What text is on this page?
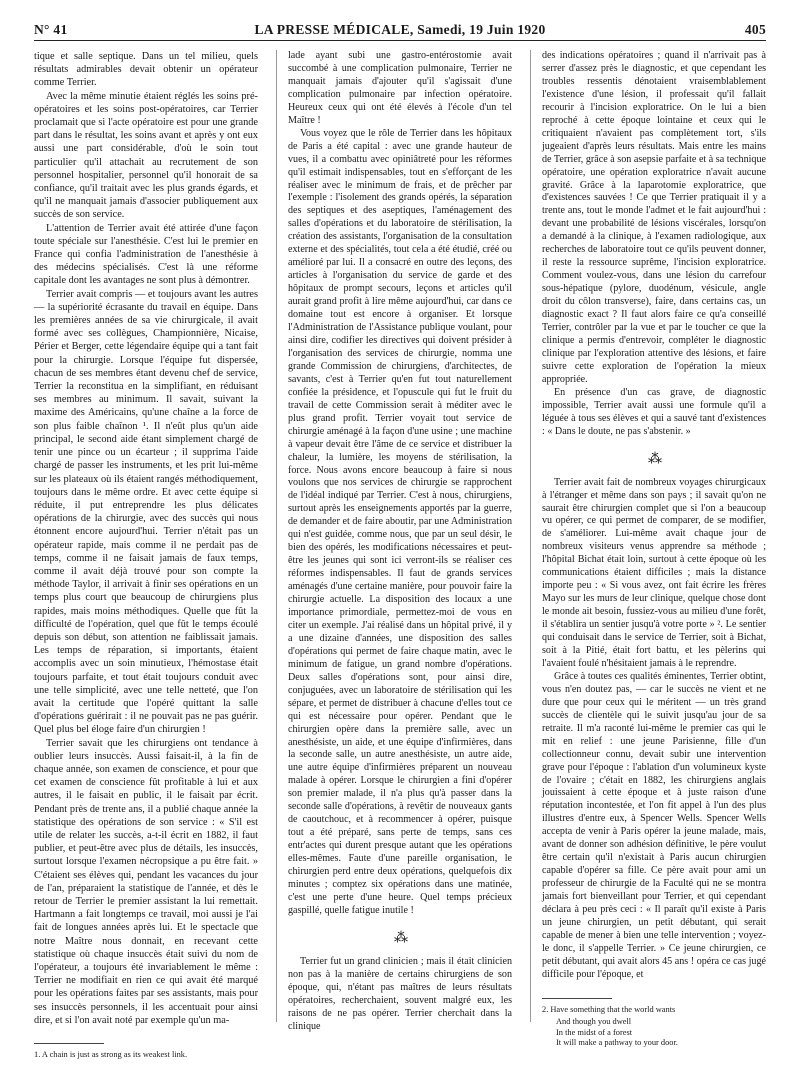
N° 41	LA PRESSE MÉDICALE, Samedi, 19 Juin 1920	405

tique et salle septique. Dans un tel milieu, quels résultats admirables devait obtenir un opérateur comme Terrier.

Avec la même minutie étaient réglés les soins pré-opératoires et les soins post-opératoires, car Terrier proclamait que si l'acte opératoire est pour une grande part dans le résultat, les soins avant et après y ont eux aussi une part considérable, d'où le soin tout particulier qu'il attachait au recrutement de son personnel hospitalier, personnel qu'il honorait de sa confiance, qu'il traitait avec les plus grands égards, et qu'il ne manquait jamais d'associer publiquement aux succès de son service.

L'attention de Terrier avait été attirée d'une façon toute spéciale sur l'anesthésie. C'est lui le premier en France qui confia l'administration de l'anesthésie à des médecins spécialisés. C'est là une réforme capitale dont les avantages ne sont plus à démontrer.

Terrier avait compris — et toujours avant les autres — la supériorité écrasante du travail en équipe. Dans les premières années de sa vie chirurgicale, il avait formé avec ses collègues, Championnière, Nicaise, Périer et Berger, cette légendaire équipe qui a tant fait pour la chirurgie. Lorsque l'équipe fut dispersée, chacun de ses membres étant devenu chef de service, Terrier la reconstitua en la simplifiant, en réduisant ses membres au minimum. Il savait, suivant la maxime des Américains, qu'une chaîne a la force de son plus faible chaînon ¹. Il n'eût plus qu'un aide principal, le second aide étant simplement chargé de tenir une pince ou un écarteur ; il supprima l'aide chargé de passer les instruments, et les prit lui-même sur les plateaux où ils étaient rangés méthodiquement, toujours dans le même ordre. Et avec cette équipe si réduite, il put entreprendre les plus délicates opérations de la chirurgie, avec des succès qui nous étonnent encore aujourd'hui. Terrier n'était pas un opérateur rapide, mais comme il ne perdait pas de temps, comme il ne faisait jamais de faux temps, comme il avait déjà trouvé pour son compte la méthode Taylor, il arrivait à finir ses opérations en un temps plus court que beaucoup de chirurgiens plus rapides, mais moins méthodiques. Quelle que fût la difficulté de l'opération, quel que fût le temps écoulé depuis son début, son attention ne faiblissait jamais. Les temps de réparation, si importants, étaient accomplis avec un soin minutieux, l'hémostase était toujours parfaite, et tout était toujours conduit avec une telle simplicité, avec une telle netteté, que l'on avait la certitude que l'opéré quittant la salle d'opérations guérirait : il ne pouvait pas ne pas guérir. Quel plus bel éloge faire d'un chirurgien !

Terrier savait que les chirurgiens ont tendance à oublier leurs insuccès. Aussi faisait-il, à la fin de chaque année, son examen de conscience, et pour que cet examen de conscience fût profitable à lui et aux autres, il le faisait en public, il le faisait par écrit. Pendant près de trente ans, il a publié chaque année la statistique des opérations de son service : « S'il est utile de relater les succès, a-t-il écrit en 1882, il faut publier, et peut-être avec plus de détails, les insuccès, surtout lorsque l'examen nécropsique a pu être fait. » C'étaient ses élèves qui, pendant les vacances du jour de l'an, préparaient la statistique de l'année, et dès le retour de Terrier le premier assistant la lui remettait. Hartmann a fait longtemps ce travail, moi aussi je l'ai fait de longues années après lui. Et le spectacle que notre Maître nous donnait, en recevant cette statistique où chaque insuccès était suivi du nom de l'opérateur, a toujours été invariablement le même : Terrier ne modifiait en rien ce qui avait été marqué pour les opérations faites par ses assistants, mais pour ses insuccès personnels, il les accentuait pour ainsi dire, et si l'on avait noté par exemple qu'un ma-

1. A chain is just as strong as its weakest link.

lade ayant subi une gastro-entérostomie avait succombé à une complication pulmonaire, Terrier ne manquait jamais d'ajouter qu'il s'agissait d'une complication pulmonaire par infection opératoire. Heureux ceux qui ont été élevés à l'école d'un tel Maître !

Vous voyez que le rôle de Terrier dans les hôpitaux de Paris a été capital : avec une grande hauteur de vues, il a combattu avec opiniâtreté pour les réformes qu'il estimait indispensables, tout en s'efforçant de les réaliser avec le minimum de frais, et de prêcher par l'exemple : l'isolement des grands opérés, la séparation des septiques et des aseptiques, l'aménagement des salles d'opérations et du laboratoire de stérilisation, la création des assistants, l'organisation de la consultation externe et des spécialités, tout cela a été étudié, créé ou amélioré par lui. Il a consacré en outre des leçons, des articles à l'organisation du service de garde et des hôpitaux de prompt secours, leçons et articles qu'il aurait grand profit à lire même aujourd'hui, car dans ce domaine tout est encore à organiser. Et lorsque l'Administration de l'Assistance publique voulant, pour ainsi dire, codifier les directives qui doivent présider à l'organisation des services de chirurgie, nomma une grande Commission de chirurgiens, d'architectes, de savants, c'est à Terrier qu'en fut tout naturellement confiée la présidence, et l'opuscule qui fut le fruit du travail de cette Commission serait à méditer avec le plus grand profit. Terrier voyait tout service de chirurgie aménagé à la façon d'une usine ; une machine à vapeur devait être l'âme de ce service et distribuer la chaleur, la lumière, les moyens de stérilisation, la force. Nous avons encore beaucoup à faire si nous voulons que nos services de chirurgie se rapprochent de l'idéal indiqué par Terrier. C'est à nous, chirurgiens, surtout après les enseignements apportés par la guerre, de demander et de faire aboutir, par une Administration qui n'est guidée, comme nous, que par un seul désir, le bien des opérés, les modifications nécessaires et peut-être les jeunes qui sont ici verront-ils se réaliser ces réformes indispensables. Il faut de grands services aménagés d'une certaine manière, pour pouvoir faire la chirurgie actuelle. La disposition des locaux a une importance primordiale, permettez-moi de vous en citer un exemple. J'ai réalisé dans un hôpital privé, il y a une dizaine d'années, une disposition des salles d'opérations qui permet de faire chaque matin, avec le minimum de fatigue, un grand nombre d'opérations. Deux salles d'opérations sont, pour ainsi dire, conjuguées, avec un laboratoire de stérilisation qui les sépare, et permet de distribuer à chacune d'elles tout ce qui est nécessaire pour opérer. Pendant que le chirurgien opère dans la première salle, avec un anesthésiste, un aide, et une équipe d'infirmières, dans la seconde salle, un autre anesthésiste, un autre aide, une autre équipe d'infirmières préparent un nouveau malade à opérer. Lorsque le chirurgien a fini d'opérer son premier malade, il n'a plus qu'à passer dans la seconde salle d'opérations, à revêtir de nouveaux gants de caoutchouc, et à recommencer à opérer, puisque tout a été préparé, sans perte de temps, sans ces entr'actes qui durent presque autant que les opérations elles-mêmes. Faute d'une pareille organisation, le chirurgien perd entre deux opérations, quelquefois dix minutes ; comptez six opérations dans une matinée, c'est une perte d'une heure. Quel temps précieux gaspillé, quelle fatigue inutile !

⁂

Terrier fut un grand clinicien ; mais il était clinicien non pas à la manière de certains chirurgiens de son époque, qui, n'étant pas maîtres de leurs résultats opératoires, recherchaient, souvent malgré eux, les raisons de ne pas opérer. Terrier cherchait dans la clinique

des indications opératoires ; quand il n'arrivait pas à serrer d'assez près le diagnostic, et que cependant les troubles ressentis dénotaient vraisemblablement l'existence d'une lésion, il professait qu'il fallait recourir à l'incision exploratrice. On le lui a bien reproché à cette époque lointaine et ceux qui le critiquaient n'avaient pas complètement tort, s'ils jugeaient d'après leurs résultats. Mais entre les mains de Terrier, grâce à son asepsie parfaite et à sa technique opératoire, une opération exploratrice n'avait aucune gravité. Grâce à la laparotomie exploratrice, que d'existences sauvées ! Ce que Terrier pratiquait il y a trente ans, tout le monde l'admet et le fait aujourd'hui : devant une probabilité de lésions viscérales, lorsqu'on a demandé à la clinique, à l'examen radiologique, aux recherches de laboratoire tout ce qu'ils peuvent donner, il reste la ressource suprême, l'incision exploratrice. Comment voulez-vous, dans une lésion du carrefour sous-hépatique (pylore, duodénum, vésicule, angle droit du côlon transverse), faire, dans certains cas, un diagnostic exact ? Il faut alors faire ce qu'a conseillé Terrier, contrôler par la vue et par le toucher ce que la clinique a permis d'entrevoir, compléter le diagnostic clinique par l'exploration attentive des lésions, et faire suivre cette exploration de l'opération la mieux appropriée.

En présence d'un cas grave, de diagnostic impossible, Terrier avait aussi une formule qu'il a léguée à tous ses élèves et qui a sauvé tant d'existences : « Dans le doute, ne pas s'abstenir. »

⁂

Terrier avait fait de nombreux voyages chirurgicaux à l'étranger et même dans son pays ; il savait qu'on ne saurait être chirurgien complet que si l'on a beaucoup vu opérer, ce qui permet de comparer, de se modifier, de s'améliorer. Lui-même avait chaque jour de nombreux visiteurs venus apprendre sa méthode ; l'hôpital Bichat était loin, surtout à cette époque où les communications étaient difficiles ; mais la distance importe peu : « Si vous avez, ont fait écrire les frères Mayo sur les murs de leur clinique, quelque chose dont le monde ait besoin, fussiez-vous au milieu d'une forêt, il s'établira un sentier jusqu'à votre porte » ². Le sentier qui conduisait dans le service de Terrier, soit à Bichat, soit à la Pitié, était fort battu, et les pèlerins qui l'avaient foulé n'hésitaient jamais à le reprendre.

Grâce à toutes ces qualités éminentes, Terrier obtint, vous n'en doutez pas, — car le succès ne vient et ne dure que pour ceux qui le méritent — un très grand succès de clientèle qui le suivit jusqu'au jour de sa retraite. Il m'a raconté lui-même le premier cas qui le mit en relief : une jeune Parisienne, fille d'un collectionneur connu, devait subir une intervention grave pour l'époque : l'ablation d'un volumineux kyste de l'ovaire ; c'était en 1882, les chirurgiens anglais jouissaient à cette époque et à juste raison d'une réputation incontestée, et l'on fit appel à l'un des plus illustres d'entre eux, à Spencer Wells. Spencer Wells accepta de venir à Paris opérer la jeune malade, mais, avant de donner son adhésion définitive, le père voulut être certain qu'il n'existait à Paris aucun chirurgien capable d'opérer sa fille. Ce père avait pour ami un professeur de chirurgie de la Faculté qui ne se montra jamais fort bienveillant pour Terrier, et qui cependant déclara à peu près ceci : « Il paraît qu'il existe à Paris un jeune chirurgien, un petit débutant, qui serait capable de mener à bien une telle intervention ; voyez-le donc, il s'appelle Terrier. » Ce jeune chirurgien, ce petit débutant, qui avait alors 45 ans ! opéra ce cas jugé difficile pour l'époque, et

2. Have something that the world wants

And though you dwell
In the midst of a forest
It will make a pathway to your door.
